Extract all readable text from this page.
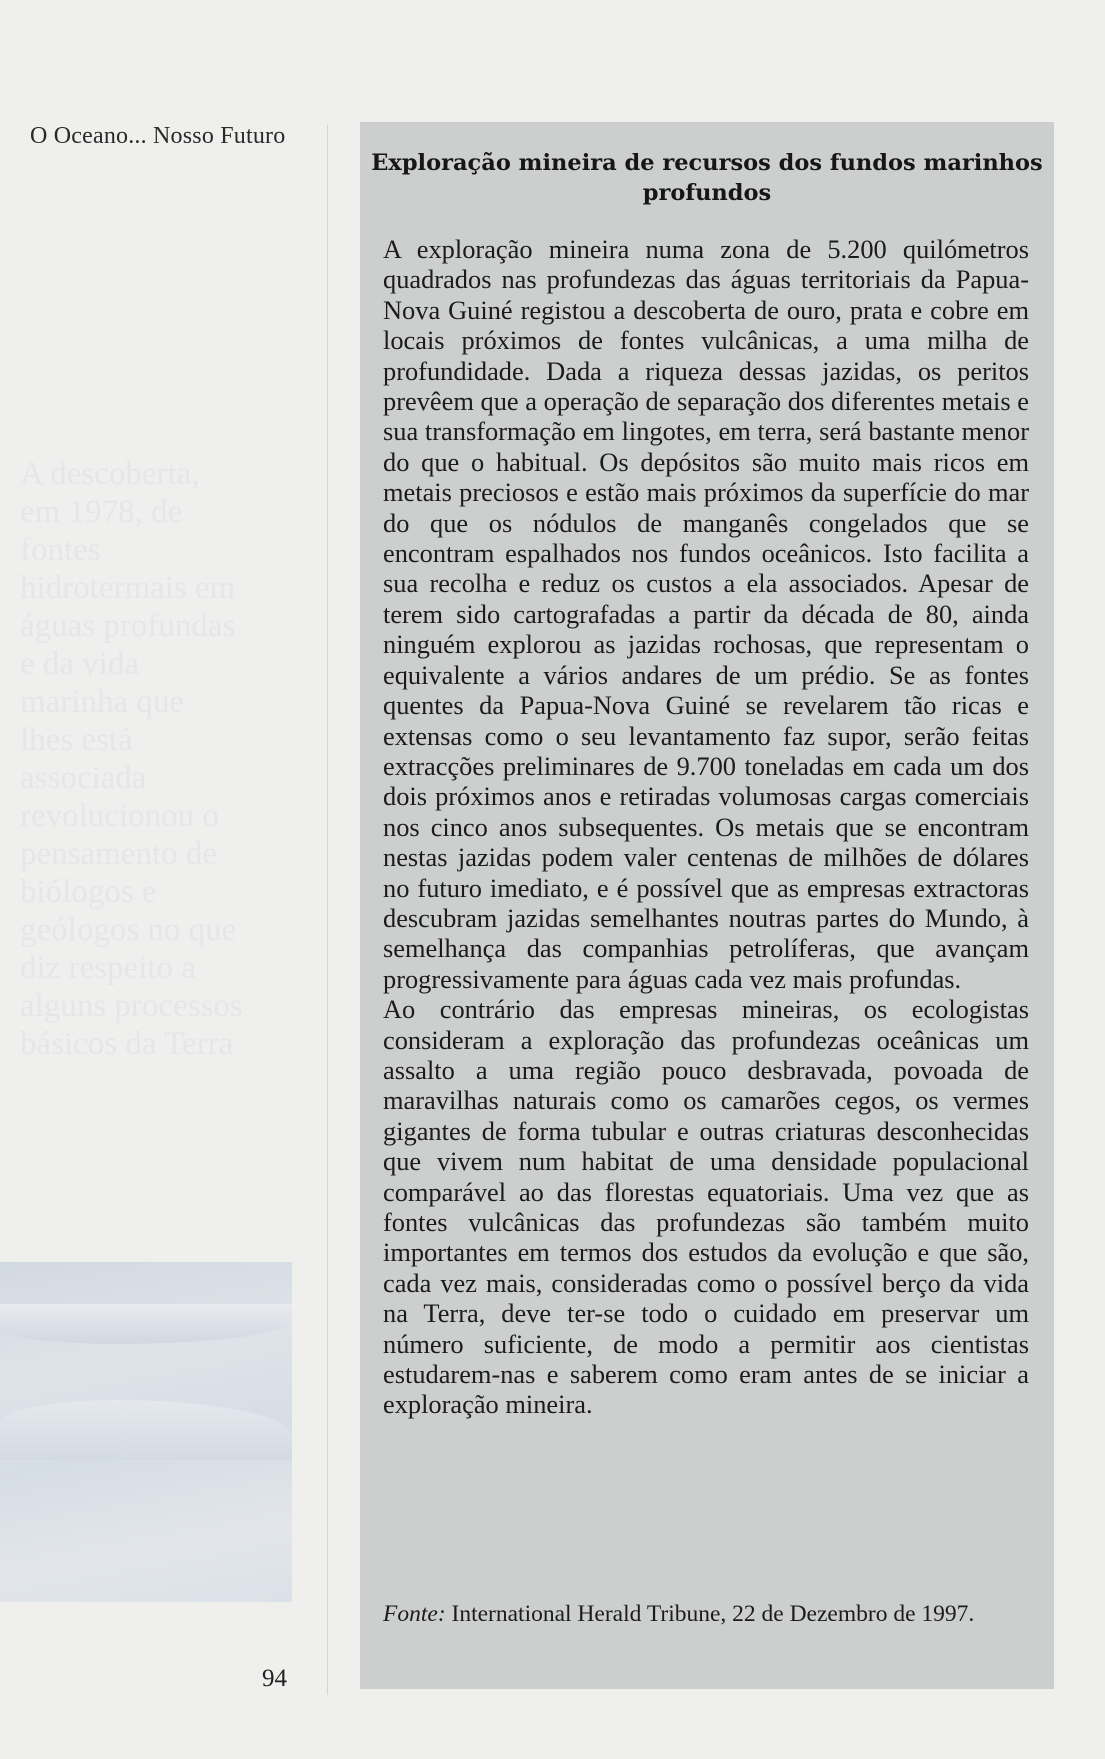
O Oceano... Nosso Futuro
A descoberta,
em 1978, de
fontes
hidrotermais em
águas profundas
e da vida
marinha que
lhes está
associada
revolucionou o
pensamento de
biólogos e
geólogos no que
diz respeito a
alguns processos
básicos da Terra
Exploração mineira de recursos dos fundos marinhos profundos

A exploração mineira numa zona de 5.200 quilómetros quadrados nas profundezas das águas territoriais da Papua-Nova Guiné registou a descoberta de ouro, prata e cobre em locais próximos de fontes vulcânicas, a uma milha de profundidade. Dada a riqueza dessas jazidas, os peritos prevêem que a operação de separação dos diferentes metais e sua transformação em lingotes, em terra, será bastante menor do que o habitual. Os depósitos são muito mais ricos em metais preciosos e estão mais próximos da superfície do mar do que os nódulos de manganês congelados que se encontram espalhados nos fundos oceânicos. Isto facilita a sua recolha e reduz os custos a ela associados. Apesar de terem sido cartografadas a partir da década de 80, ainda ninguém explorou as jazidas rochosas, que representam o equivalente a vários andares de um prédio. Se as fontes quentes da Papua-Nova Guiné se revelarem tão ricas e extensas como o seu levantamento faz supor, serão feitas extracções preliminares de 9.700 toneladas em cada um dos dois próximos anos e retiradas volumosas cargas comerciais nos cinco anos subsequentes. Os metais que se encontram nestas jazidas podem valer centenas de milhões de dólares no futuro imediato, e é possível que as empresas extractoras descubram jazidas semelhantes noutras partes do Mundo, à semelhança das companhias petrolíferas, que avançam progressivamente para águas cada vez mais profundas.

Ao contrário das empresas mineiras, os ecologistas consideram a exploração das profundezas oceânicas um assalto a uma região pouco desbravada, povoada de maravilhas naturais como os camarões cegos, os vermes gigantes de forma tubular e outras criaturas desconhecidas que vivem num habitat de uma densidade populacional comparável ao das florestas equatoriais. Uma vez que as fontes vulcânicas das profundezas são também muito importantes em termos dos estudos da evolução e que são, cada vez mais, consideradas como o possível berço da vida na Terra, deve ter-se todo o cuidado em preservar um número suficiente, de modo a permitir aos cientistas estudarem-nas e saberem como eram antes de se iniciar a exploração mineira.

Fonte: International Herald Tribune, 22 de Dezembro de 1997.
94
